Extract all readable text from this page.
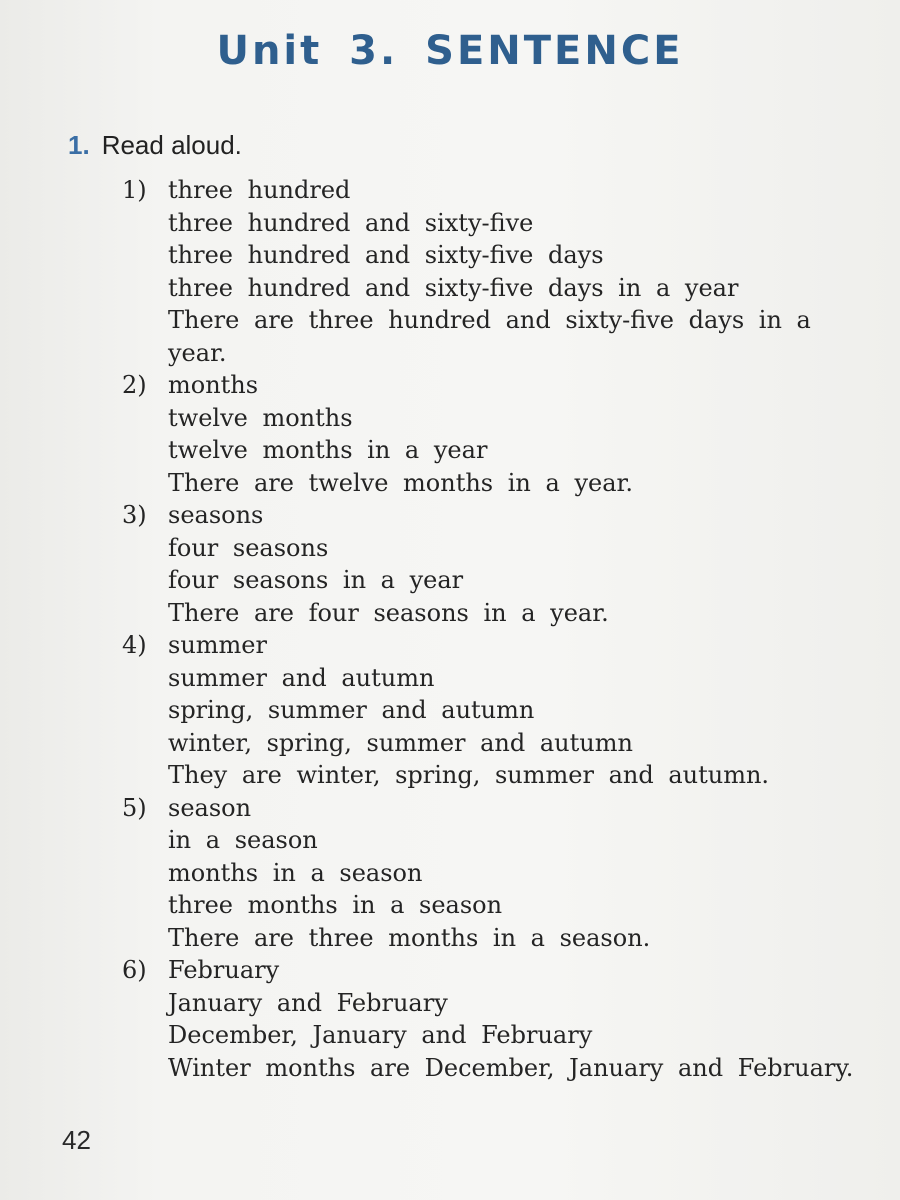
Unit 3. SENTENCE
1. Read aloud.
1) three hundred
three hundred and sixty-five
three hundred and sixty-five days
three hundred and sixty-five days in a year
There are three hundred and sixty-five days in a year.
2) months
twelve months
twelve months in a year
There are twelve months in a year.
3) seasons
four seasons
four seasons in a year
There are four seasons in a year.
4) summer
summer and autumn
spring, summer and autumn
winter, spring, summer and autumn
They are winter, spring, summer and autumn.
5) season
in a season
months in a season
three months in a season
There are three months in a season.
6) February
January and February
December, January and February
Winter months are December, January and February.
42
